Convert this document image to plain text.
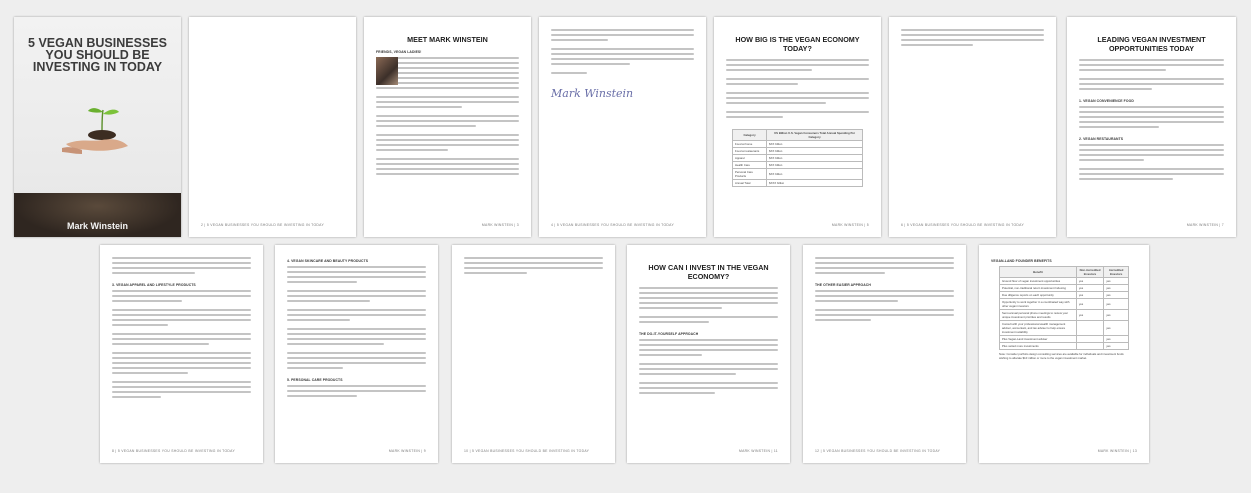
5 VEGAN BUSINESSES YOU SHOULD BE INVESTING IN TODAY
Mark Winstein	2 | 5 VEGAN BUSINESSES YOU SHOULD BE INVESTING IN TODAY
MEET MARK WINSTEIN
FRIENDS, VEGAN LADIES!
MARK WINSTEIN | 3
Mark Winstein
4 | 5 VEGAN BUSINESSES YOU SHOULD BE INVESTING IN TODAY
HOW BIG IS THE VEGAN ECONOMY TODAY?
Category	US Billion U.S. Vegan Consumers Total Annual Spending Per Category
Food at home	$XX billion
Food at restaurants	$XX billion
Apparel	$XX billion
Health Care	$XX billion
Personal Care Products	$XX billion
Annual Total	$XXX billion
MARK WINSTEIN | 5	6 | 5 VEGAN BUSINESSES YOU SHOULD BE INVESTING IN TODAY
LEADING VEGAN INVESTMENT OPPORTUNITIES TODAY
1. VEGAN CONVENIENCE FOOD
2. VEGAN RESTAURANTS
MARK WINSTEIN | 7
3. VEGAN APPAREL AND LIFESTYLE PRODUCTS
8 | 5 VEGAN BUSINESSES YOU SHOULD BE INVESTING IN TODAY
4. VEGAN SKINCARE AND BEAUTY PRODUCTS
5. PERSONAL CARE PRODUCTS
MARK WINSTEIN | 9	10 | 5 VEGAN BUSINESSES YOU SHOULD BE INVESTING IN TODAY
HOW CAN I INVEST IN THE VEGAN ECONOMY?
THE DO-IT-YOURSELF APPROACH
MARK WINSTEIN | 11
THE OTHER EASIER APPROACH
12 | 5 VEGAN BUSINESSES YOU SHOULD BE INVESTING IN TODAY
VEGAN-LAND FOUNDER BENEFITS
Benefit	Non-Accredited Investors	Accredited Investors
Ground floor of vegan investment opportunities	yes	yes
Potential, non-traditional return investment Indexing	yes	yes
Due diligence reports on each opportunity	yes	yes
Opportunity to work together in a coordinated way with other vegan investors	yes	yes
Semi-annual personal phone meetings to review your unique investment priorities and results	yes	yes
Consult with your professional wealth management advisor, accountant, and tax adviser to help ensure investment suitability		yes
Plus Vegan-Land investment adviser		yes
Plus vetted more investments		yes
Note: Consider portfolio design consulting services are available for individuals and investment funds wishing to allocate $10 million or more to the vegan investment market.
MARK WINSTEIN | 13
